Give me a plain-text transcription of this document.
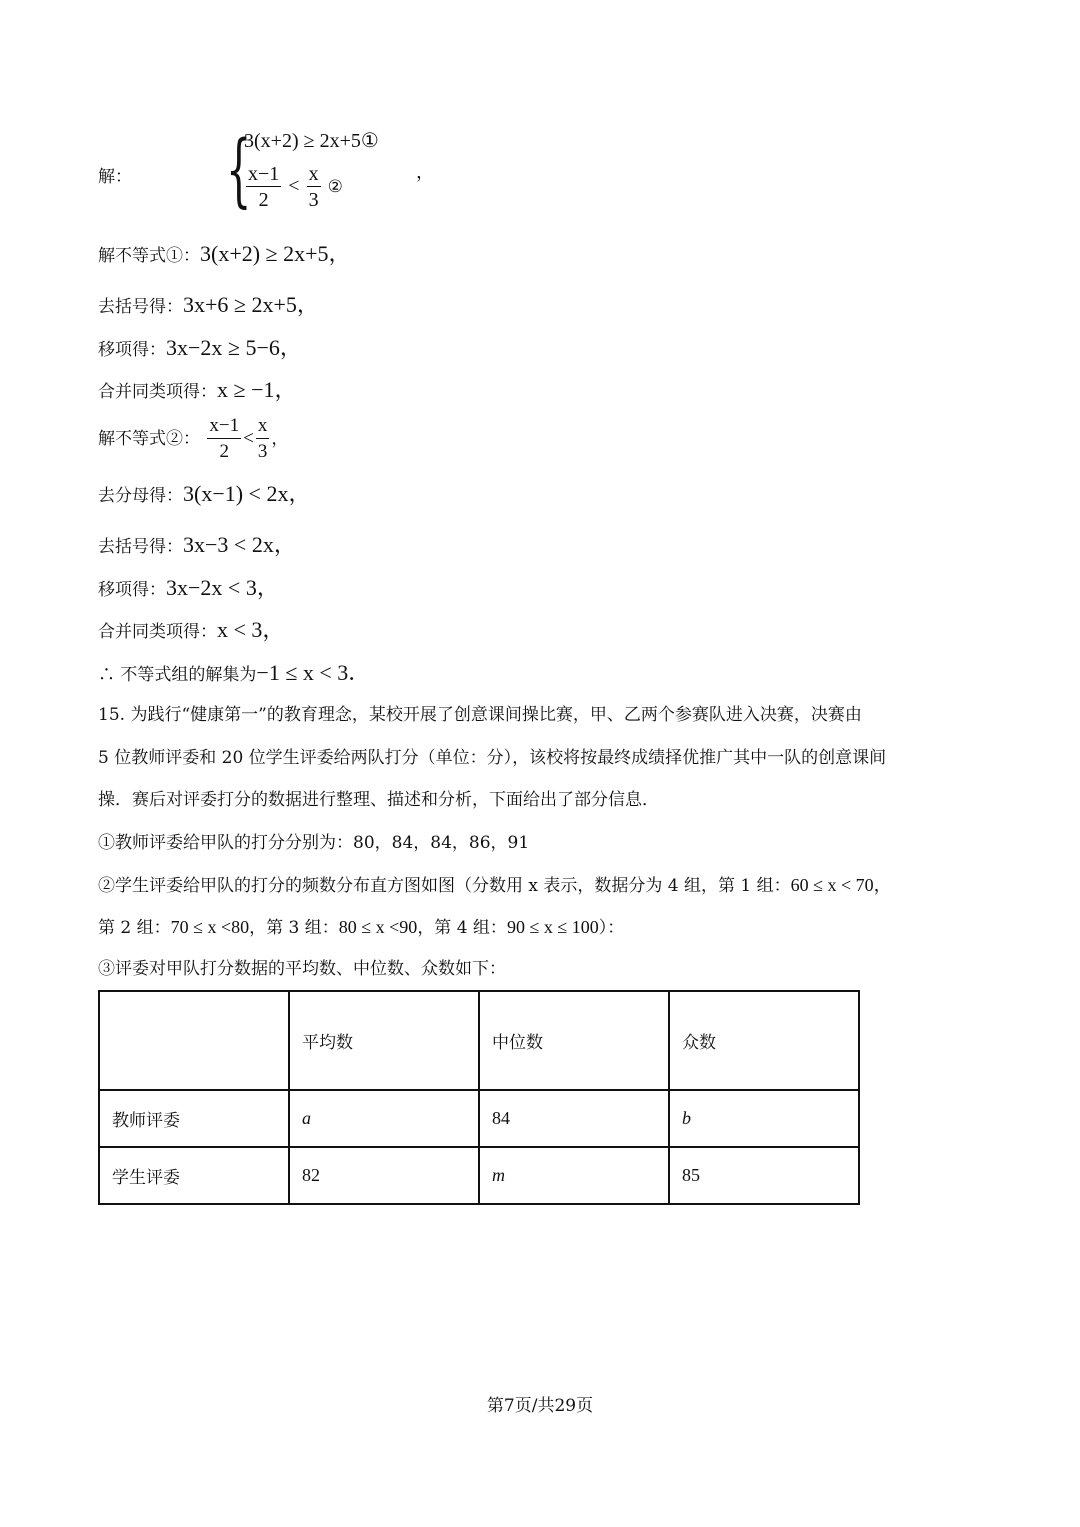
解： {
3(x+2) ≥ 2x+5①
$\frac{x-1}{2} < \frac{x}{3}$ ②
，
解不等式①：3(x+2) ≥ 2x+5，
去括号得：3x+6 ≥ 2x+5，
移项得：3x−2x ≥ 5−6，
合并同类项得：x ≥ −1，
解不等式②： $\frac{x-1}{2} < \frac{x}{3}$ ，
去分母得：3(x−1) < 2x，
去括号得：3x−3 < 2x，
移项得：3x−2x < 3，
合并同类项得：x < 3，
∴ 不等式组的解集为−1 ≤ x < 3．
15. 为践行“健康第一”的教育理念，某校开展了创意课间操比赛，甲、乙两个参赛队进入决赛，决赛由
5 位教师评委和 20 位学生评委给两队打分（单位：分），该校将按最终成绩择优推广其中一队的创意课间
操．赛后对评委打分的数据进行整理、描述和分析，下面给出了部分信息．
①教师评委给甲队的打分分别为：80，84，84，86，91
②学生评委给甲队的打分的频数分布直方图如图（分数用 x 表示，数据分为 4 组，第 1 组：60 ≤ x < 70，
第 2 组：70 ≤ x <80，第 3 组：80 ≤ x <90，第 4 组：90 ≤ x ≤ 100）：
③评委对甲队打分数据的平均数、中位数、众数如下：
	平均数	中位数	众数
教师评委	a	84	b
学生评委	82	m	85
第7页/共29页
